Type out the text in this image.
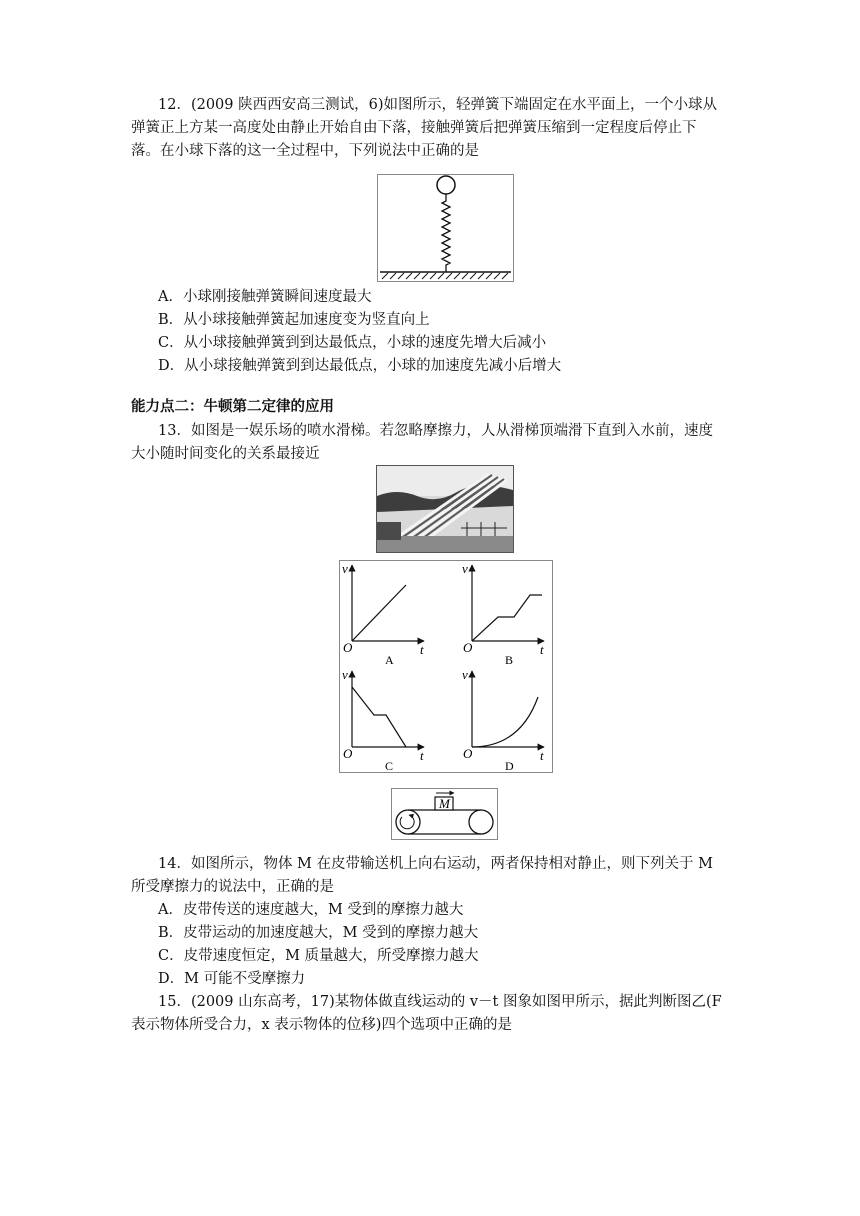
12．(2009 陕西西安高三测试，6)如图所示，轻弹簧下端固定在水平面上，一个小球从
弹簧正上方某一高度处由静止开始自由下落，接触弹簧后把弹簧压缩到一定程度后停止下
落。在小球下落的这一全过程中，下列说法中正确的是
A．小球刚接触弹簧瞬间速度最大
B．从小球接触弹簧起加速度变为竖直向上
C．从小球接触弹簧到到达最低点，小球的速度先增大后减小
D．从小球接触弹簧到到达最低点，小球的加速度先减小后增大
能力点二：牛顿第二定律的应用
13．如图是一娱乐场的喷水滑梯。若忽略摩擦力，人从滑梯顶端滑下直到入水前，速度
大小随时间变化的关系最接近
v
t
O
A
v
t
O
B
v
t
O
C
v
t
O
D
M
14．如图所示，物体 M 在皮带输送机上向右运动，两者保持相对静止，则下列关于 M
所受摩擦力的说法中，正确的是
A．皮带传送的速度越大，M 受到的摩擦力越大
B．皮带运动的加速度越大，M 受到的摩擦力越大
C．皮带速度恒定，M 质量越大，所受摩擦力越大
D．M 可能不受摩擦力
15．(2009 山东高考，17)某物体做直线运动的 v－t 图象如图甲所示，据此判断图乙(F
表示物体所受合力，x 表示物体的位移)四个选项中正确的是
